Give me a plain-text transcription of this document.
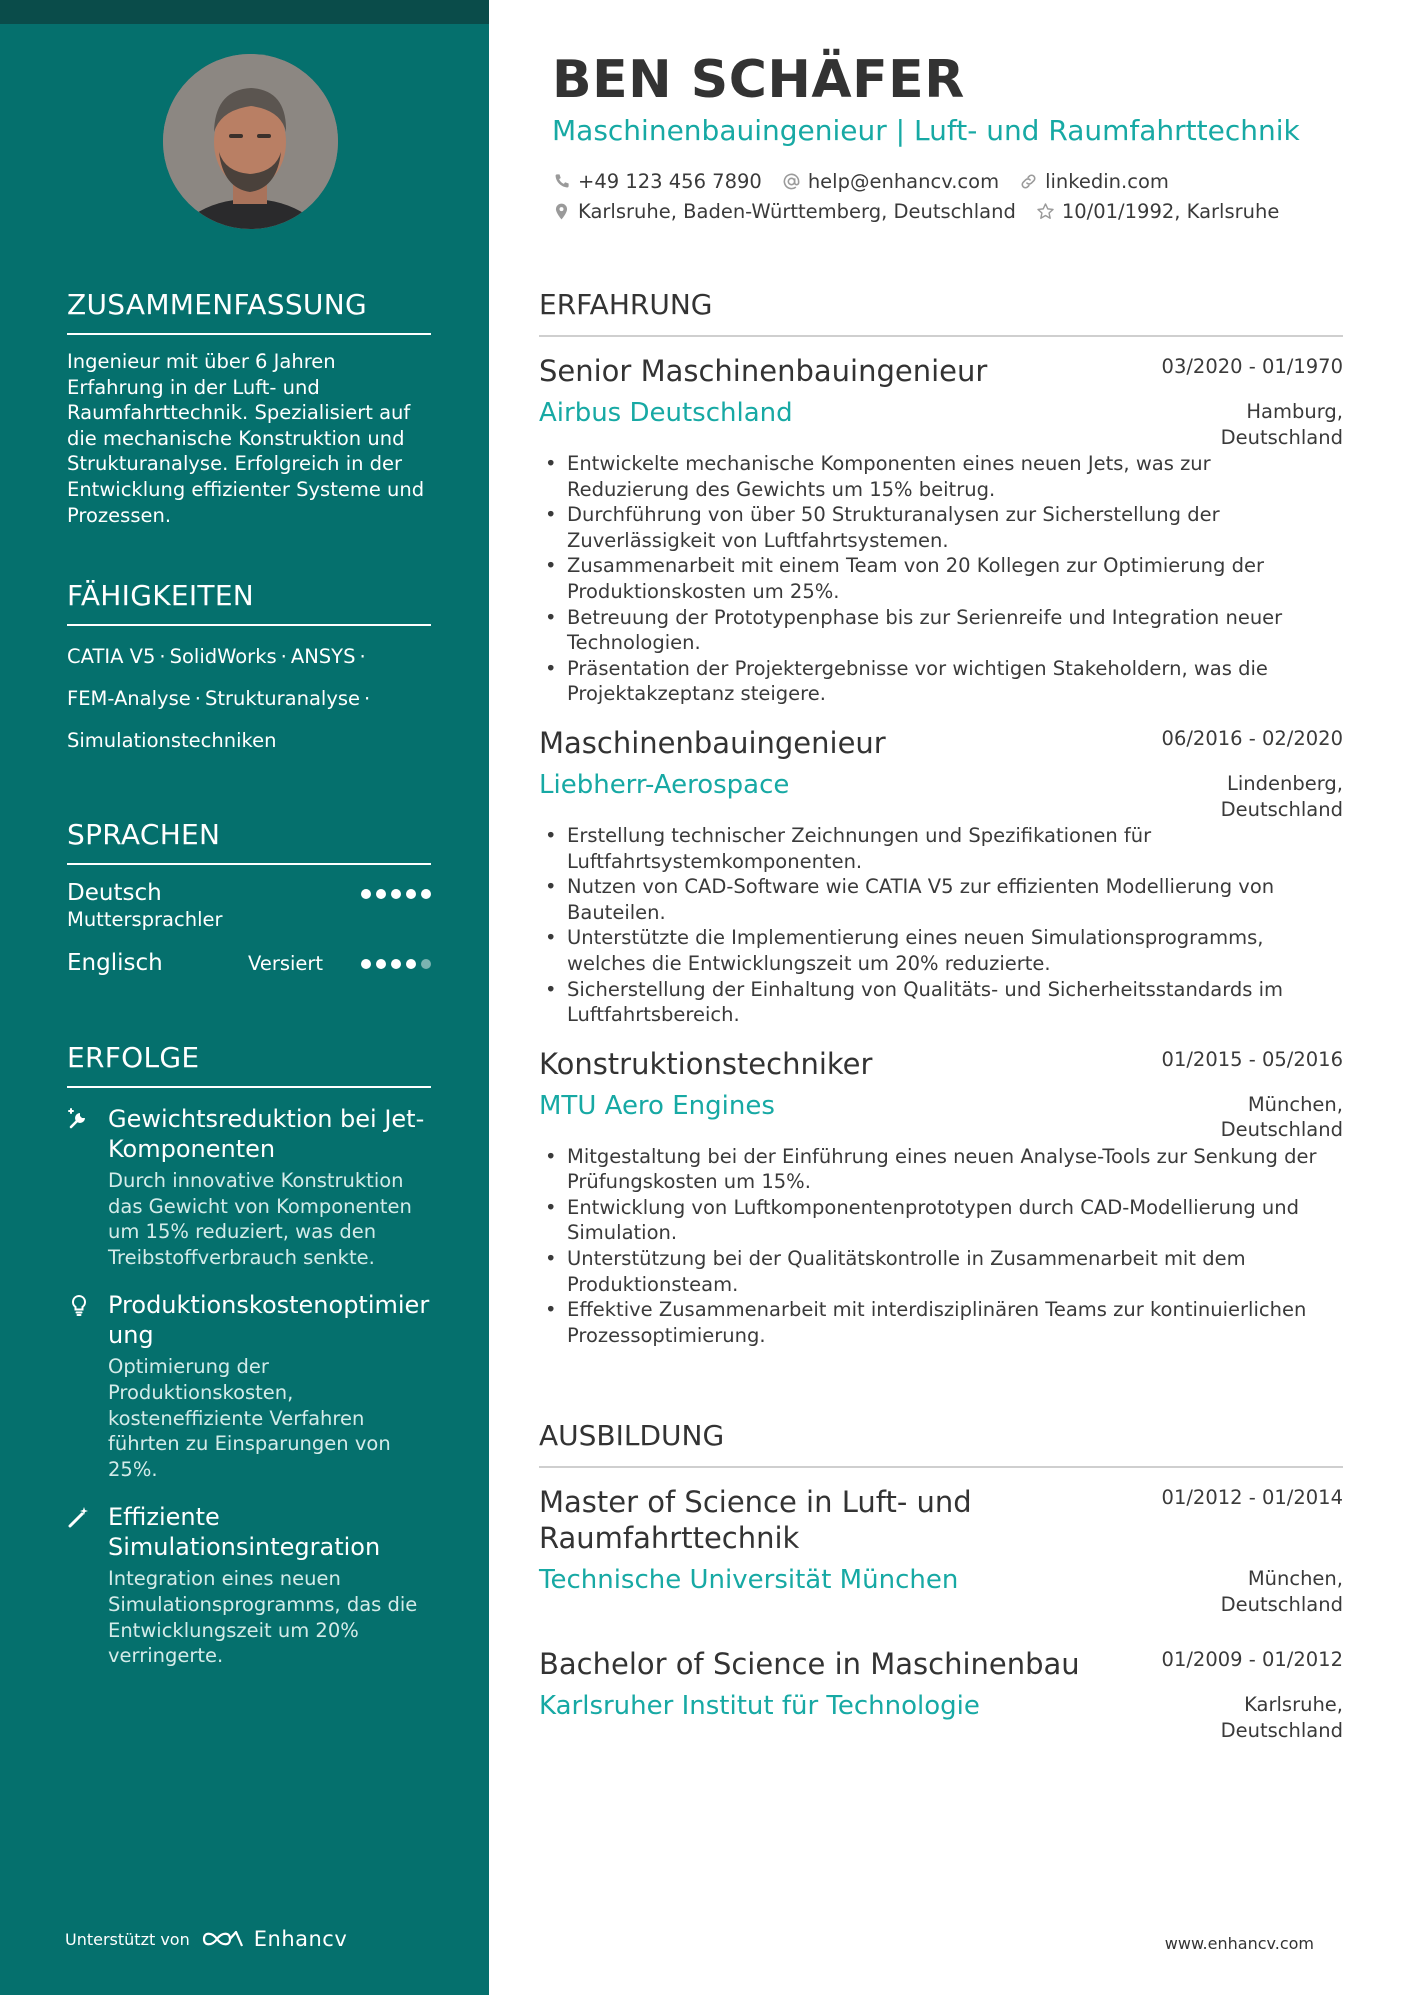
ZUSAMMENFASSUNG

Ingenieur mit über 6 Jahren Erfahrung in der Luft- und Raumfahrttechnik. Spezialisiert auf die mechanische Konstruktion und Strukturanalyse. Erfolgreich in der Entwicklung effizienter Systeme und Prozessen.

FÄHIGKEITEN
CATIA V5 · SolidWorks · ANSYS ·
FEM-Analyse · Strukturanalyse ·
Simulationstechniken
SPRACHEN
Deutsch
Muttersprachler
Englisch	Versiert
ERFOLGE
Gewichtsreduktion bei Jet-Komponenten
Durch innovative Konstruktion das Gewicht von Komponenten um 15% reduziert, was den Treibstoffverbrauch senkte.
Produktionskostenoptimierung
Optimierung der Produktionskosten, kosteneffiziente Verfahren führten zu Einsparungen von 25%.
Effiziente Simulationsintegration
Integration eines neuen Simulationsprogramms, das die Entwicklungszeit um 20% verringerte.
Unterstützt von	Enhancv
BEN SCHÄFER
Maschinenbauingenieur | Luft- und Raumfahrttechnik
+49 123 456 7890 help@enhancv.com linkedin.com
Karlsruhe, Baden-Württemberg, Deutschland 10/01/1992, Karlsruhe
ERFAHRUNG
Senior Maschinenbauingenieur	03/2020 - 01/1970
Airbus Deutschland	Hamburg,
Deutschland
• Entwickelte mechanische Komponenten eines neuen Jets, was zur Reduzierung des Gewichts um 15% beitrug.
• Durchführung von über 50 Strukturanalysen zur Sicherstellung der Zuverlässigkeit von Luftfahrtsystemen.
• Zusammenarbeit mit einem Team von 20 Kollegen zur Optimierung der Produktionskosten um 25%.
• Betreuung der Prototypenphase bis zur Serienreife und Integration neuer Technologien.
• Präsentation der Projektergebnisse vor wichtigen Stakeholdern, was die Projektakzeptanz steigere.
Maschinenbauingenieur	06/2016 - 02/2020
Liebherr-Aerospace	Lindenberg,
Deutschland
• Erstellung technischer Zeichnungen und Spezifikationen für Luftfahrtsystemkomponenten.
• Nutzen von CAD-Software wie CATIA V5 zur effizienten Modellierung von Bauteilen.
• Unterstützte die Implementierung eines neuen Simulationsprogramms, welches die Entwicklungszeit um 20% reduzierte.
• Sicherstellung der Einhaltung von Qualitäts- und Sicherheitsstandards im Luftfahrtsbereich.
Konstruktionstechniker	01/2015 - 05/2016
MTU Aero Engines	München,
Deutschland
• Mitgestaltung bei der Einführung eines neuen Analyse-Tools zur Senkung der Prüfungskosten um 15%.
• Entwicklung von Luftkomponentenprototypen durch CAD-Modellierung und Simulation.
• Unterstützung bei der Qualitätskontrolle in Zusammenarbeit mit dem Produktionsteam.
• Effektive Zusammenarbeit mit interdisziplinären Teams zur kontinuierlichen Prozessoptimierung.
AUSBILDUNG
Master of Science in Luft- und Raumfahrttechnik
01/2012 - 01/2014
Technische Universität München	München,
Deutschland
Bachelor of Science in Maschinenbau	01/2009 - 01/2012
Karlsruher Institut für Technologie	Karlsruhe,
Deutschland
www.enhancv.com
